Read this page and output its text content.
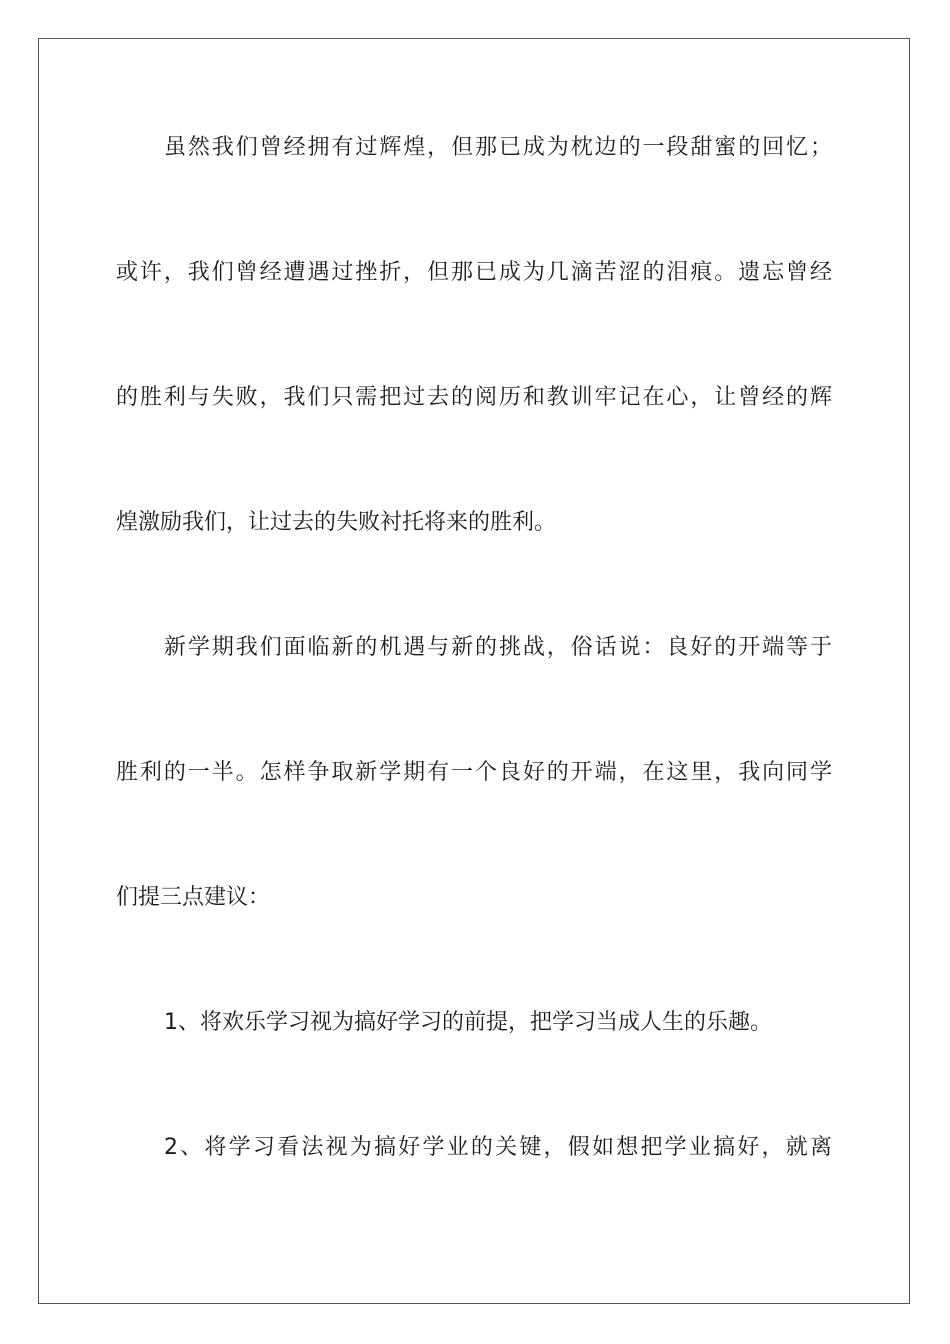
虽然我们曾经拥有过辉煌，但那已成为枕边的一段甜蜜的回忆；
或许，我们曾经遭遇过挫折，但那已成为几滴苦涩的泪痕。遗忘曾经
的胜利与失败，我们只需把过去的阅历和教训牢记在心，让曾经的辉
煌激励我们，让过去的失败衬托将来的胜利。
新学期我们面临新的机遇与新的挑战，俗话说：良好的开端等于
胜利的一半。怎样争取新学期有一个良好的开端，在这里，我向同学
们提三点建议：
1、将欢乐学习视为搞好学习的前提，把学习当成人生的乐趣。
2、将学习看法视为搞好学业的关键，假如想把学业搞好，就离
